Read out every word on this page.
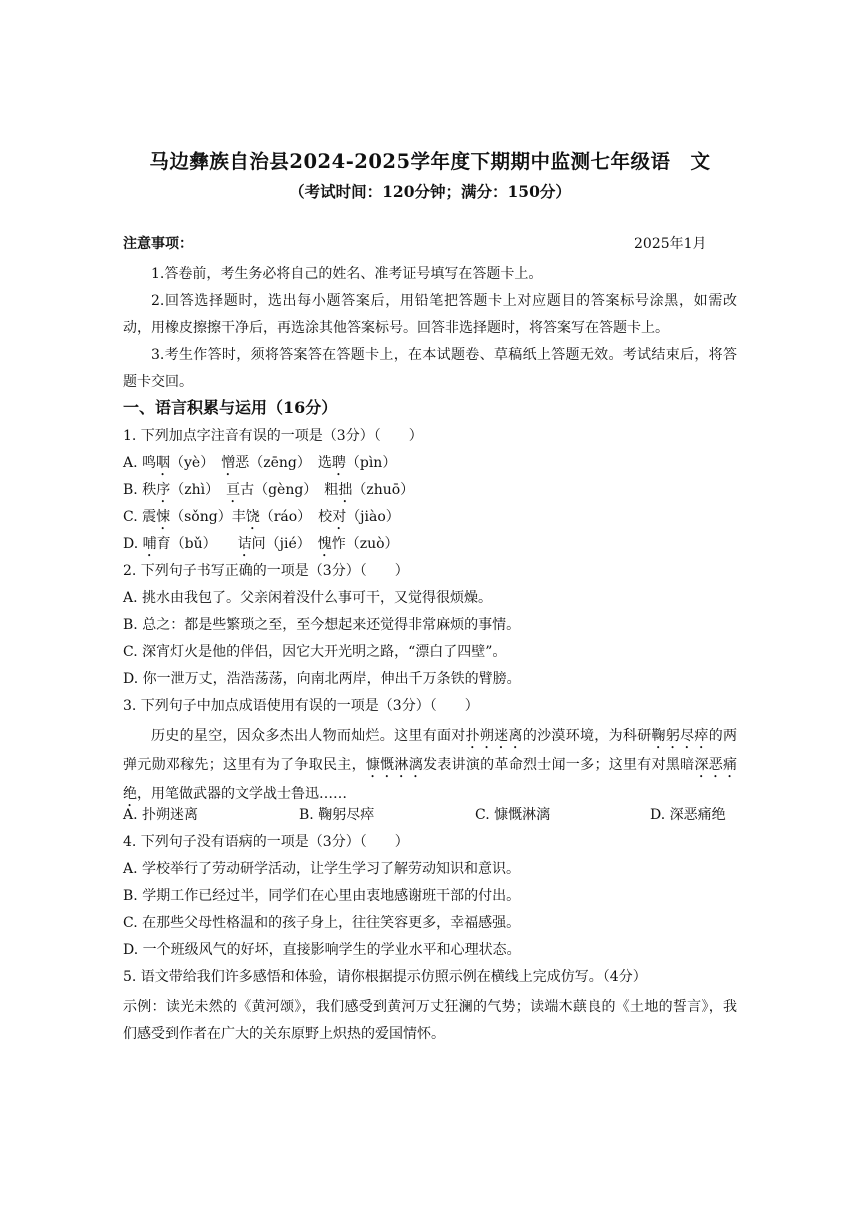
马边彝族自治县2024-2025学年度下期期中监测七年级语　文
（考试时间：120分钟；满分：150分）
注意事项：	2025年1月
1.答卷前，考生务必将自己的姓名、准考证号填写在答题卡上。
2.回答选择题时，选出每小题答案后，用铅笔把答题卡上对应题目的答案标号涂黑，如需改动，用橡皮擦擦干净后，再选涂其他答案标号。回答非选择题时，将答案写在答题卡上。
3.考生作答时，须将答案答在答题卡上，在本试题卷、草稿纸上答题无效。考试结束后，将答题卡交回。
一、语言积累与运用（16分）
1. 下列加点字注音有误的一项是（3分）（　　）
A. 鸣咽（yè）　憎恶（zēng）　选聘（pìn）
B. 秩序（zhì）　亘古（gèng）　粗拙（zhuō）
C. 震悚（sǒng）丰饶（ráo）　校对（jiào）
D. 哺育（bǔ）　　诘问（jié）　愧怍（zuò）
2. 下列句子书写正确的一项是（3分）（　　）
A. 挑水由我包了。父亲闲着没什么事可干，又觉得很烦燥。
B. 总之：都是些繁琐之至，至今想起来还觉得非常麻烦的事情。
C. 深宵灯火是他的伴侣，因它大开光明之路，“漂白了四壁”。
D. 你一泄万丈，浩浩荡荡，向南北两岸，伸出千万条铁的臂膀。
3. 下列句子中加点成语使用有误的一项是（3分）（　　）
历史的星空，因众多杰出人物而灿烂。这里有面对扑朔迷离的沙漠环境，为科研鞠躬尽瘁的两弹元勋邓稼先；这里有为了争取民主，慷慨淋漓发表讲演的革命烈士闻一多；这里有对黑暗深恶痛绝，用笔做武器的文学战士鲁迅……
A. 扑朔迷离	B. 鞠躬尽瘁	C. 慷慨淋漓	D. 深恶痛绝
4. 下列句子没有语病的一项是（3分）（　　）
A. 学校举行了劳动研学活动，让学生学习了解劳动知识和意识。
B. 学期工作已经过半，同学们在心里由衷地感谢班干部的付出。
C. 在那些父母性格温和的孩子身上，往往笑容更多，幸福感强。
D. 一个班级风气的好坏，直接影响学生的学业水平和心理状态。
5. 语文带给我们许多感悟和体验，请你根据提示仿照示例在横线上完成仿写。（4分）
示例：读光未然的《黄河颂》，我们感受到黄河万丈狂澜的气势；读端木蕻良的《土地的誓言》，我们感受到作者在广大的关东原野上炽热的爱国情怀。
